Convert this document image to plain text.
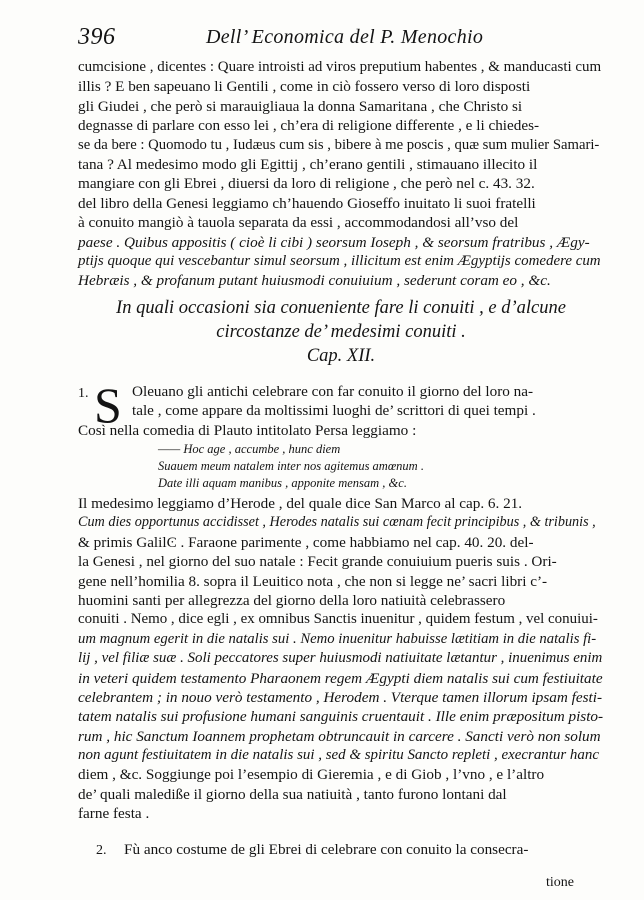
396	Dell’ Economica del P. Menochio
cumcisione , dicentes : Quare introisti ad viros preputium habentes , & manducasti cum
illis ? E ben sapeuano li Gentili , come in ciò fossero verso di loro disposti
gli Giudei , che però si marauigliaua la donna Samaritana , che Christo si
degnasse di parlare con esso lei , ch’era di religione differente , e li chiedes-
se da bere : Quomodo tu , Iudæus cum sis , bibere à me poscis , quæ sum mulier Samari-
tana ? Al medesimo modo gli Egittij , ch’erano gentili , stimauano illecito il
mangiare con gli Ebrei , diuersi da loro di religione , che però nel c. 43. 32.
del libro della Genesi leggiamo ch’hauendo Gioseffo inuitato li suoi fratelli
à conuito mangiò à tauola separata da essi , accommodandosi all’vso del
paese . Quibus appositis ( cioè li cibi ) seorsum Ioseph , & seorsum fratribus , Ægy-
ptijs quoque qui vescebantur simul seorsum , illicitum est enim Ægyptijs comedere cum
Hebræis , & profanum putant huiusmodi conuiuium , sederunt coram eo , &c.
In quali occasioni sia conueniente fare li conuiti , e d’alcune
circostanze de’ medesimi conuiti .
Cap. XII.
1. S Oleuano gli antichi celebrare con far conuito il giorno del loro na-
tale , come appare da moltissimi luoghi de’ scrittori di quei tempi .
Così nella comedia di Plauto intitolato Persa leggiamo :
—— Hoc age , accumbe , hunc diem
Suauem meum natalem inter nos agitemus amœnum .
Date illi aquam manibus , apponite mensam , &c.
Il medesimo leggiamo d’Herode , del quale dice San Marco al cap. 6. 21.
Cum dies opportunus accidisset , Herodes natalis sui cœnam fecit principibus , & tribunis ,
& primis GalilϾ . Faraone parimente , come habbiamo nel cap. 40. 20. del-
la Genesi , nel giorno del suo natale : Fecit grande conuiuium pueris suis . Ori-
gene nell’homilia 8. sopra il Leuitico nota , che non si legge ne’ sacri libri c’-
huomini santi per allegrezza del giorno della loro natiuità celebrassero
conuiti . Nemo , dice egli , ex omnibus Sanctis inuenitur , quidem festum , vel conuiui-
um magnum egerit in die natalis sui . Nemo inuenitur habuisse lætitiam in die natalis fi-
lij , vel filiæ suæ . Soli peccatores super huiusmodi natiuitate lætantur , inuenimus enim
in veteri quidem testamento Pharaonem regem Ægypti diem natalis sui cum festiuitate
celebrantem ; in nouo verò testamento , Herodem . Vterque tamen illorum ipsam festi-
tatem natalis sui profusione humani sanguinis cruentauit . Ille enim præpositum pisto-
rum , hic Sanctum Ioannem prophetam obtruncauit in carcere . Sancti verò non solum
non agunt festiuitatem in die natalis sui , sed & spiritu Sancto repleti , execrantur hanc
diem , &c. Soggiunge poi l’esempio di Gieremia , e di Giob , l’vno , e l’altro
de’ quali malediße il giorno della sua natiuità , tanto furono lontani dal
farne festa .
2. Fù anco costume de gli Ebrei di celebrare con conuito la consecra-
tione
